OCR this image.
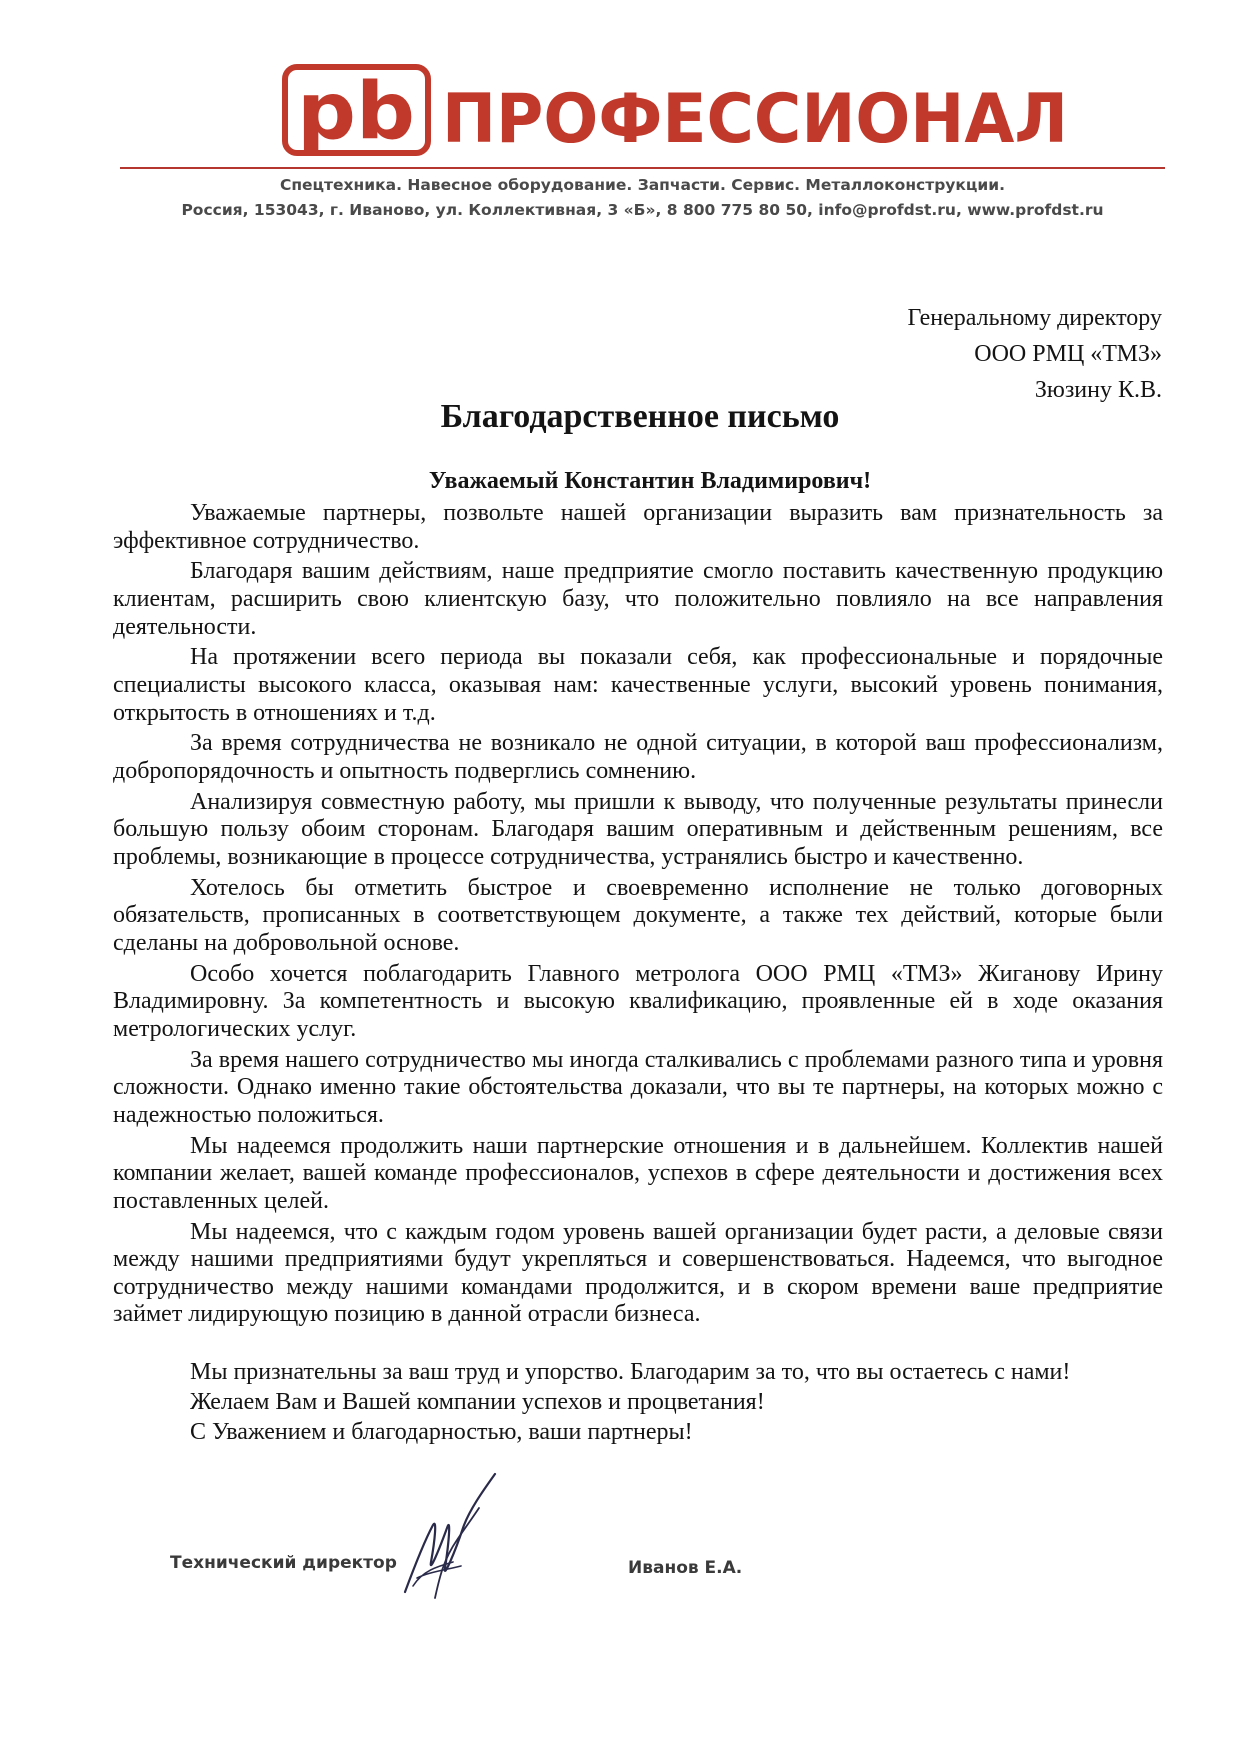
рb ПРОФЕССИОНАЛ
Спецтехника. Навесное оборудование. Запчасти. Сервис. Металлоконструкции.
Россия, 153043, г. Иваново, ул. Коллективная, 3 «Б», 8 800 775 80 50, info@profdst.ru, www.profdst.ru
Генеральному директору
ООО РМЦ «ТМЗ»
Зюзину К.В.
Благодарственное письмо
Уважаемый Константин Владимирович!

Уважаемые партнеры, позвольте нашей организации выразить вам признательность за эффективное сотрудничество.

Благодаря вашим действиям, наше предприятие смогло поставить качественную продукцию клиентам, расширить свою клиентскую базу, что положительно повлияло на все направления деятельности.

На протяжении всего периода вы показали себя, как профессиональные и порядочные специалисты высокого класса, оказывая нам: качественные услуги, высокий уровень понимания, открытость в отношениях и т.д.

За время сотрудничества не возникало не одной ситуации, в которой ваш профессионализм, добропорядочность и опытность подверглись сомнению.

Анализируя совместную работу, мы пришли к выводу, что полученные результаты принесли большую пользу обоим сторонам. Благодаря вашим оперативным и действенным решениям, все проблемы, возникающие в процессе сотрудничества, устранялись быстро и качественно.

Хотелось бы отметить быстрое и своевременно исполнение не только договорных обязательств, прописанных в соответствующем документе, а также тех действий, которые были сделаны на добровольной основе.

Особо хочется поблагодарить Главного метролога ООО РМЦ «ТМЗ» Жиганову Ирину Владимировну. За компетентность и высокую квалификацию, проявленные ей в ходе оказания метрологических услуг.

За время нашего сотрудничество мы иногда сталкивались с проблемами разного типа и уровня сложности. Однако именно такие обстоятельства доказали, что вы те партнеры, на которых можно с надежностью положиться.

Мы надеемся продолжить наши партнерские отношения и в дальнейшем. Коллектив нашей компании желает, вашей команде профессионалов, успехов в сфере деятельности и достижения всех поставленных целей.

Мы надеемся, что с каждым годом уровень вашей организации будет расти, а деловые связи между нашими предприятиями будут укрепляться и совершенствоваться. Надеемся, что выгодное сотрудничество между нашими командами продолжится, и в скором времени ваше предприятие займет лидирующую позицию в данной отрасли бизнеса.

Мы признательны за ваш труд и упорство. Благодарим за то, что вы остаетесь с нами!
Желаем Вам и Вашей компании успехов и процветания!
С Уважением и благодарностью, ваши партнеры!
Технический директор	Иванов Е.А.
